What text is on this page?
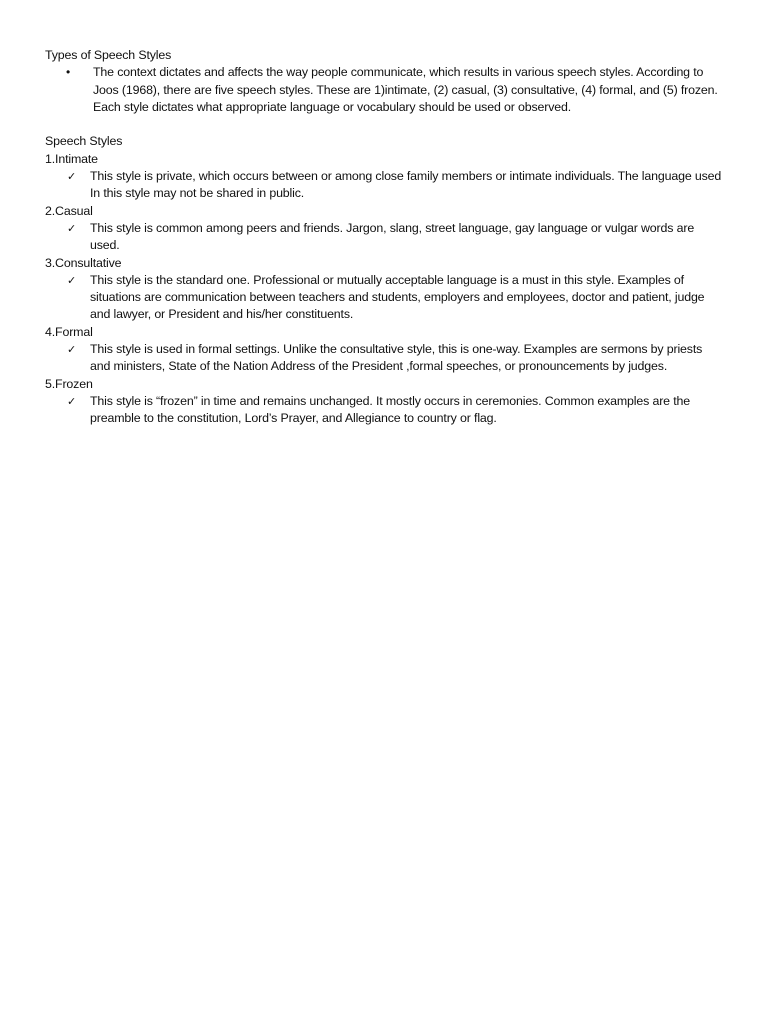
Types of Speech Styles

• The context dictates and affects the way people communicate, which results in various speech styles. According to Joos (1968), there are five speech styles. These are 1)intimate, (2) casual, (3) consultative, (4) formal, and (5) frozen. Each style dictates what appropriate language or vocabulary should be used or observed.

Speech Styles

1.Intimate

✓ This style is private, which occurs between or among close family members or intimate individuals. The language used In this style may not be shared in public.

2.Casual

✓ This style is common among peers and friends. Jargon, slang, street language, gay language or vulgar words are used.

3.Consultative

✓ This style is the standard one. Professional or mutually acceptable language is a must in this style. Examples of situations are communication between teachers and students, employers and employees, doctor and patient, judge and lawyer, or President and his/her constituents.

4.Formal

✓ This style is used in formal settings. Unlike the consultative style, this is one-way. Examples are sermons by priests and ministers, State of the Nation Address of the President ,formal speeches, or pronouncements by judges.

5.Frozen

✓ This style is “frozen” in time and remains unchanged. It mostly occurs in ceremonies. Common examples are the preamble to the constitution, Lord’s Prayer, and Allegiance to country or flag.
